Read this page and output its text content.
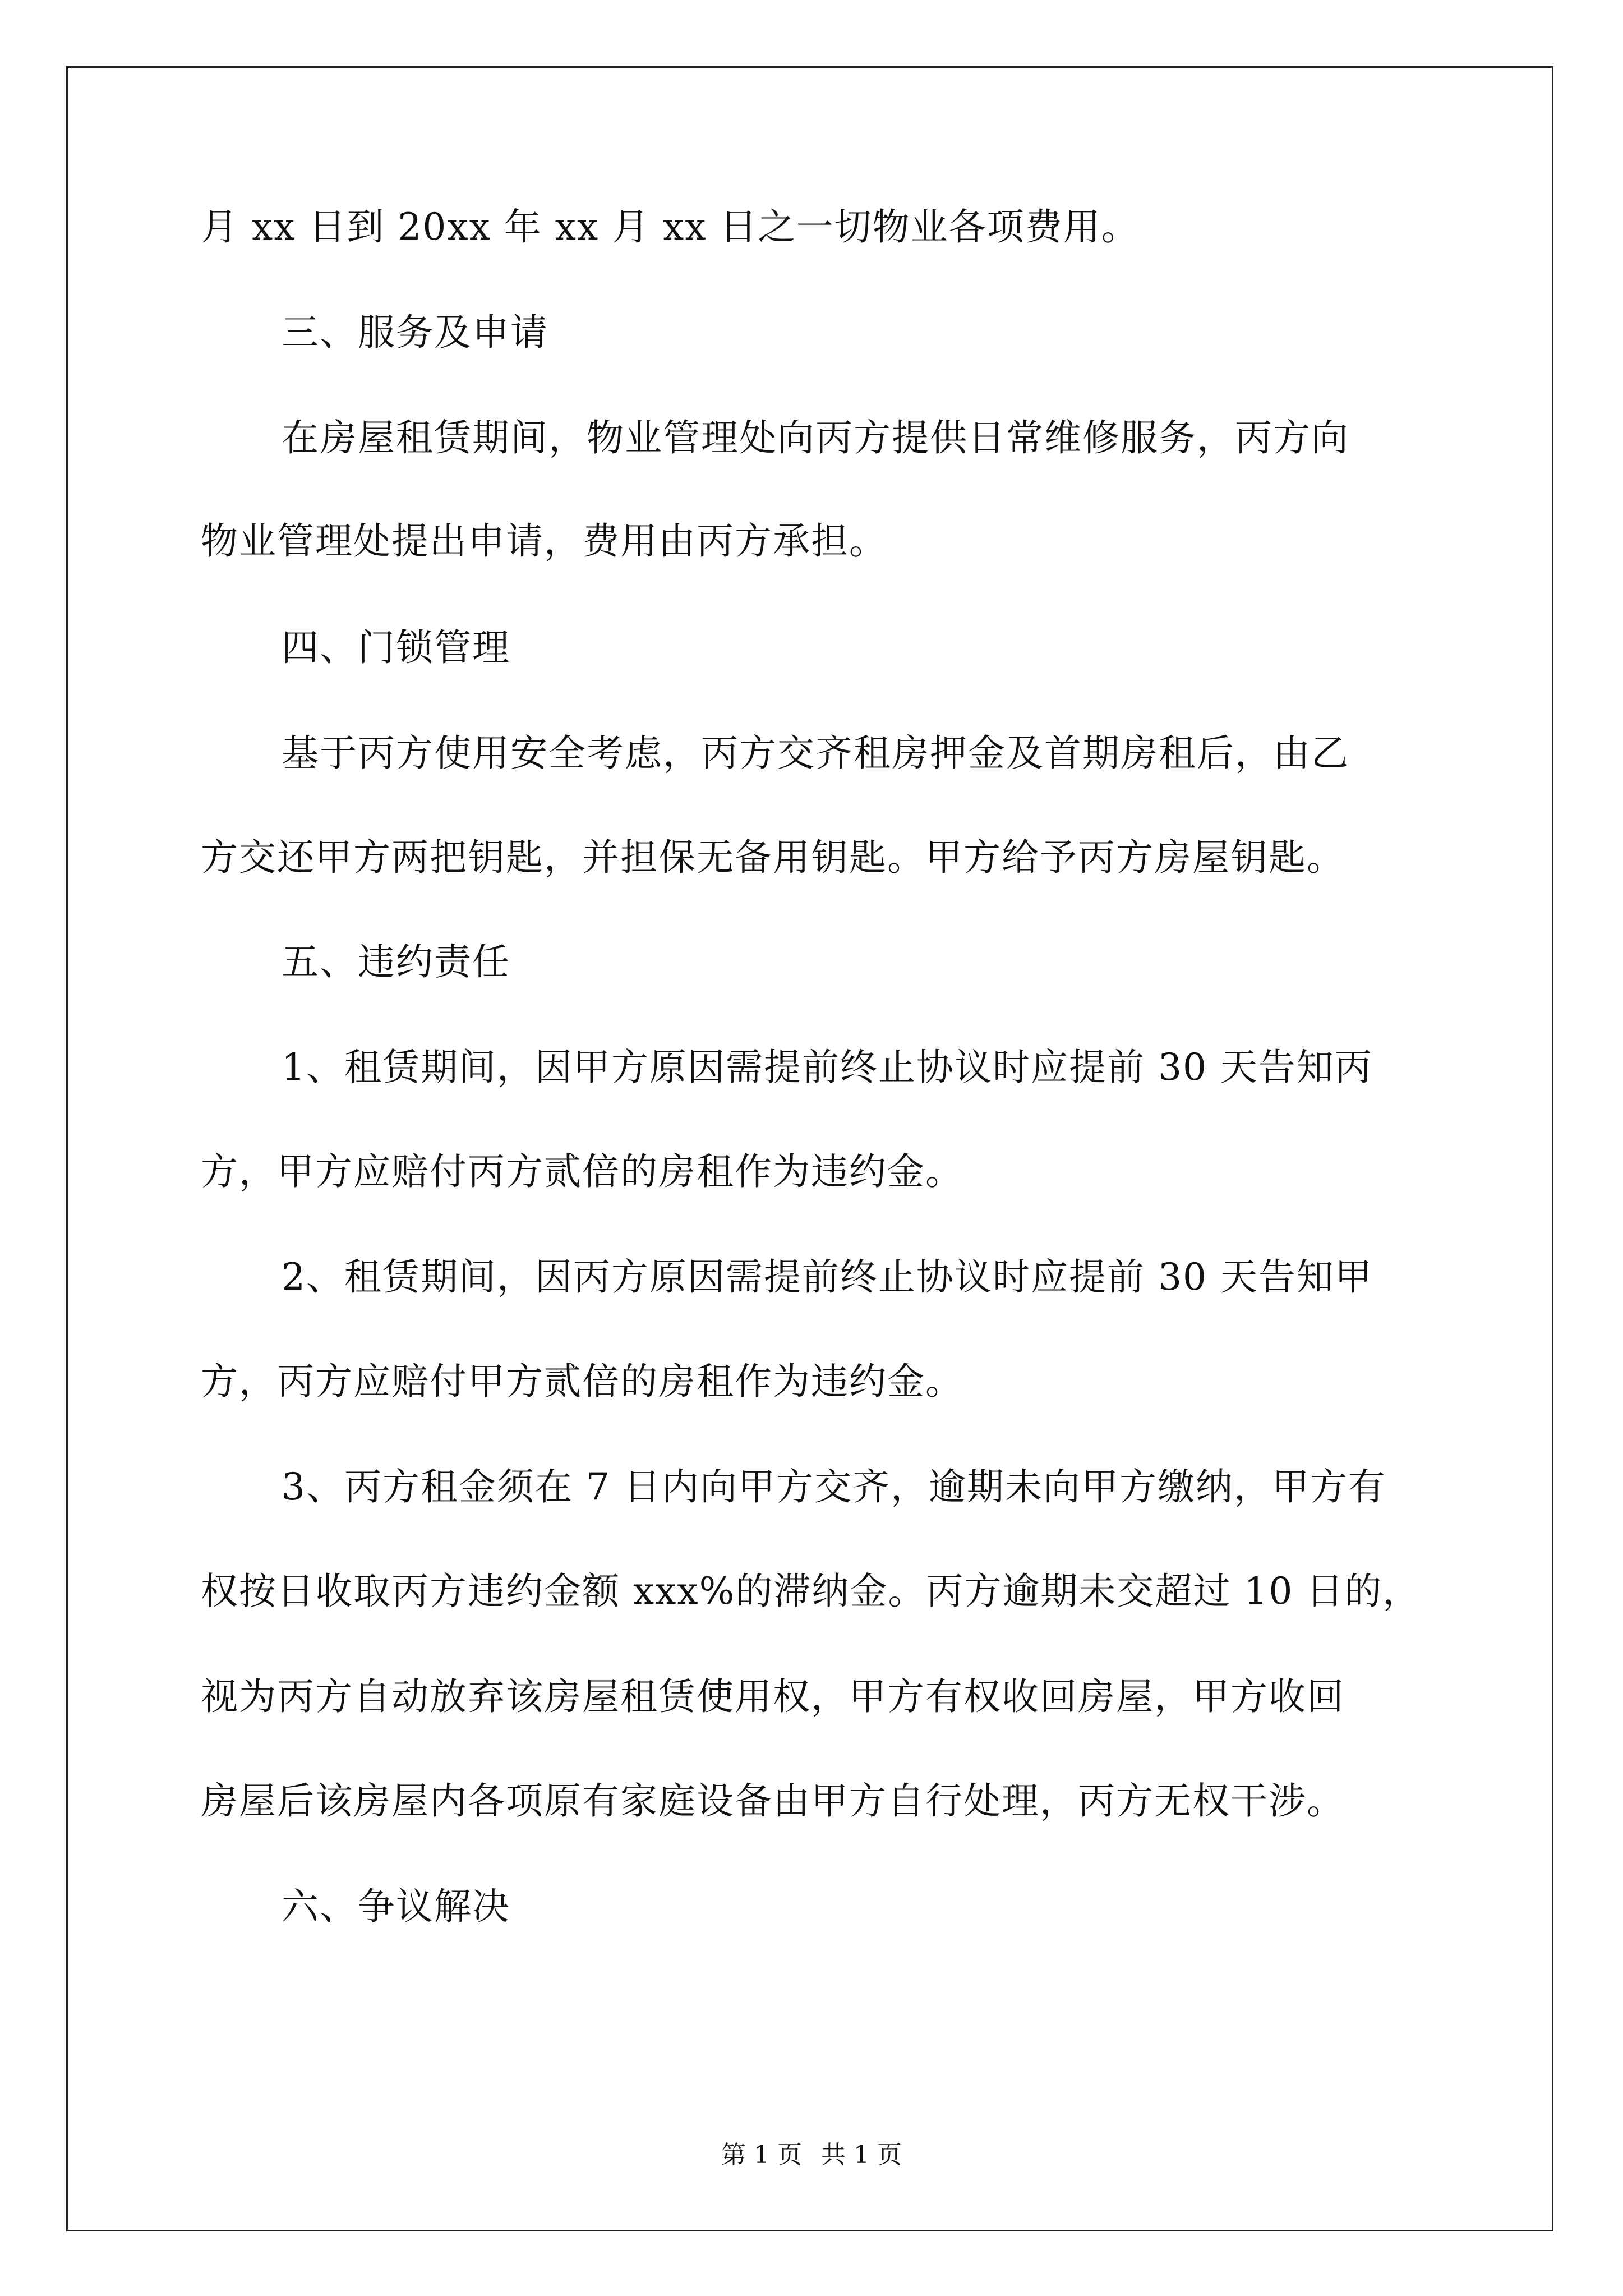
月 xx 日到 20xx 年 xx 月 xx 日之一切物业各项费用。
三、服务及申请
在房屋租赁期间，物业管理处向丙方提供日常维修服务，丙方向
物业管理处提出申请，费用由丙方承担。
四、门锁管理
基于丙方使用安全考虑，丙方交齐租房押金及首期房租后，由乙
方交还甲方两把钥匙，并担保无备用钥匙。甲方给予丙方房屋钥匙。
五、违约责任
1、租赁期间，因甲方原因需提前终止协议时应提前 30 天告知丙
方，甲方应赔付丙方贰倍的房租作为违约金。
2、租赁期间，因丙方原因需提前终止协议时应提前 30 天告知甲
方，丙方应赔付甲方贰倍的房租作为违约金。
3、丙方租金须在 7 日内向甲方交齐，逾期未向甲方缴纳，甲方有
权按日收取丙方违约金额 xxx%的滞纳金。丙方逾期未交超过 10 日的，
视为丙方自动放弃该房屋租赁使用权，甲方有权收回房屋，甲方收回
房屋后该房屋内各项原有家庭设备由甲方自行处理，丙方无权干涉。
六、争议解决
第 1 页 共 1 页
